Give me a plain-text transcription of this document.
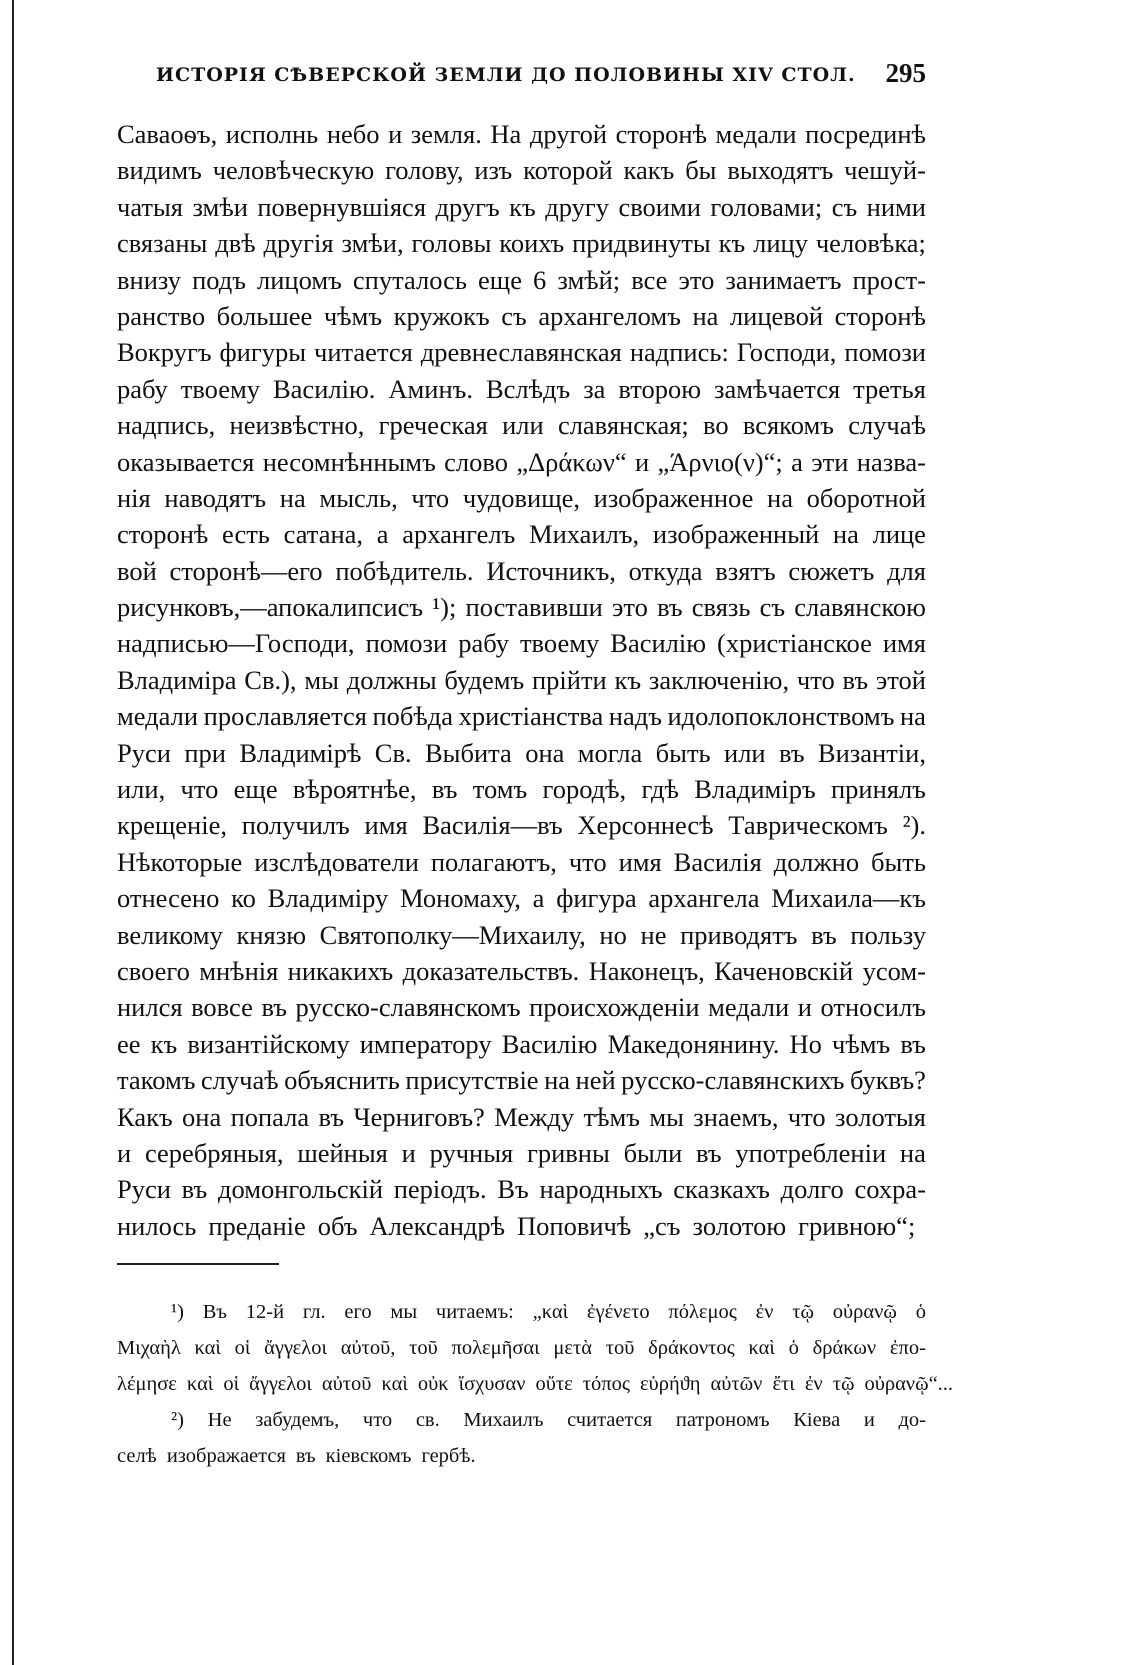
ИСТОРІЯ СѢВЕРСКОЙ ЗЕМЛИ ДО ПОЛОВИНЫ XIV СТОЛ. 295
Саваоѳъ, исполнь небо и земля. На другой сторонѣ медали посрединѣ
видимъ человѣческую голову, изъ которой какъ бы выходятъ чешуй-
чатыя змѣи повернувшіяся другъ къ другу своими головами; съ ними
связаны двѣ другія змѣи, головы коихъ придвинуты къ лицу человѣка;
внизу подъ лицомъ спуталось еще 6 змѣй; все это занимаетъ прост-
ранство большее чѣмъ кружокъ съ архангеломъ на лицевой сторонѣ
Вокругъ фигуры читается древнеславянская надпись: Господи, помози
рабу твоему Василію. Аминъ. Вслѣдъ за второю замѣчается третья
надпись, неизвѣстно, греческая или славянская; во всякомъ случаѣ
оказывается несомнѣннымъ слово „Δράκων“ и „Άρνιο(ν)“; а эти назва-
нія наводятъ на мысль, что чудовище, изображенное на оборотной
сторонѣ есть сатана, а архангелъ Михаилъ, изображенный на лице
вой сторонѣ—его побѣдитель. Источникъ, откуда взятъ сюжетъ для
рисунковъ,—апокалипсисъ ¹); поставивши это въ связь съ славянскою
надписью—Господи, помози рабу твоему Василію (христіанское имя
Владиміра Св.), мы должны будемъ прійти къ заключенію, что въ этой
медали прославляется побѣда христіанства надъ идолопоклонствомъ на
Руси при Владимірѣ Св. Выбита она могла быть или въ Византіи,
или, что еще вѣроятнѣе, въ томъ городѣ, гдѣ Владиміръ принялъ
крещеніе, получилъ имя Василія—въ Херсоннесѣ Таврическомъ ²).
Нѣкоторые изслѣдователи полагаютъ, что имя Василія должно быть
отнесено ко Владиміру Мономаху, а фигура архангела Михаила—къ
великому князю Святополку—Михаилу, но не приводятъ въ пользу
своего мнѣнія никакихъ доказательствъ. Наконецъ, Каченовскій усом-
нился вовсе въ русско-славянскомъ происхожденіи медали и относилъ
ее къ византійскому императору Василію Македонянину. Но чѣмъ въ
такомъ случаѣ объяснить присутствіе на ней русско-славянскихъ буквъ?
Какъ она попала въ Черниговъ? Между тѣмъ мы знаемъ, что золотыя
и серебряныя, шейныя и ручныя гривны были въ употребленіи на
Руси въ домонгольскій періодъ. Въ народныхъ сказкахъ долго сохра-
нилось преданіе объ Александрѣ Поповичѣ „съ золотою гривною“;
¹) Въ 12-й гл. его мы читаемъ: „καὶ ἐγένετο πόλεμος ἐν τῷ οὐρανῷ ὁ
Μιχαὴλ καὶ οἱ ἄγγελοι αὐτοῦ, τοῦ πολεμῆσαι μετὰ τοῦ δράκοντος καὶ ὁ δράκων ἐπο-
λέμησε καὶ οἱ ἄγγελοι αὐτοῦ καὶ οὐκ ἴσχυσαν οὔτε τόπος εὑρήϑη αὐτῶν ἔτι ἐν τῷ οὐρανῷ“...
²) Не забудемъ, что св. Михаилъ считается патрономъ Кіева и до-
селѣ изображается въ кіевскомъ гербѣ.
